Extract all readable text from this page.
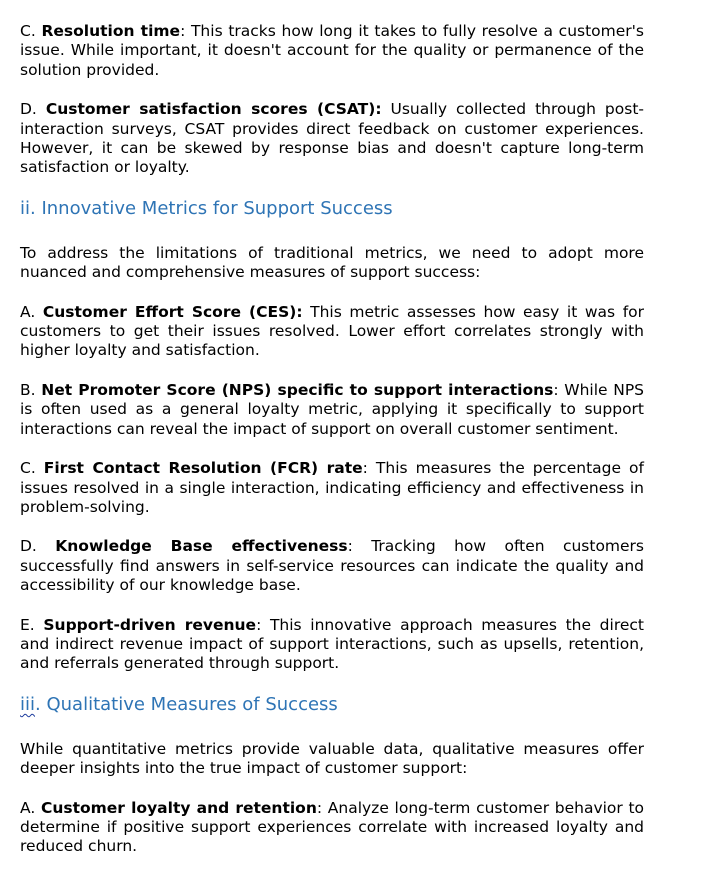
C. Resolution time: This tracks how long it takes to fully resolve a customer's issue. While important, it doesn't account for the quality or permanence of the solution provided.

D. Customer satisfaction scores (CSAT): Usually collected through post-interaction surveys, CSAT provides direct feedback on customer experiences. However, it can be skewed by response bias and doesn't capture long-term satisfaction or loyalty.

ii. Innovative Metrics for Support Success

To address the limitations of traditional metrics, we need to adopt more nuanced and comprehensive measures of support success:

A. Customer Effort Score (CES): This metric assesses how easy it was for customers to get their issues resolved. Lower effort correlates strongly with higher loyalty and satisfaction.

B. Net Promoter Score (NPS) specific to support interactions: While NPS is often used as a general loyalty metric, applying it specifically to support interactions can reveal the impact of support on overall customer sentiment.

C. First Contact Resolution (FCR) rate: This measures the percentage of issues resolved in a single interaction, indicating efficiency and effectiveness in problem-solving.

D. Knowledge Base effectiveness: Tracking how often customers successfully find answers in self-service resources can indicate the quality and accessibility of our knowledge base.

E. Support-driven revenue: This innovative approach measures the direct and indirect revenue impact of support interactions, such as upsells, retention, and referrals generated through support.

iii. Qualitative Measures of Success

While quantitative metrics provide valuable data, qualitative measures offer deeper insights into the true impact of customer support:

A. Customer loyalty and retention: Analyze long-term customer behavior to determine if positive support experiences correlate with increased loyalty and reduced churn.
